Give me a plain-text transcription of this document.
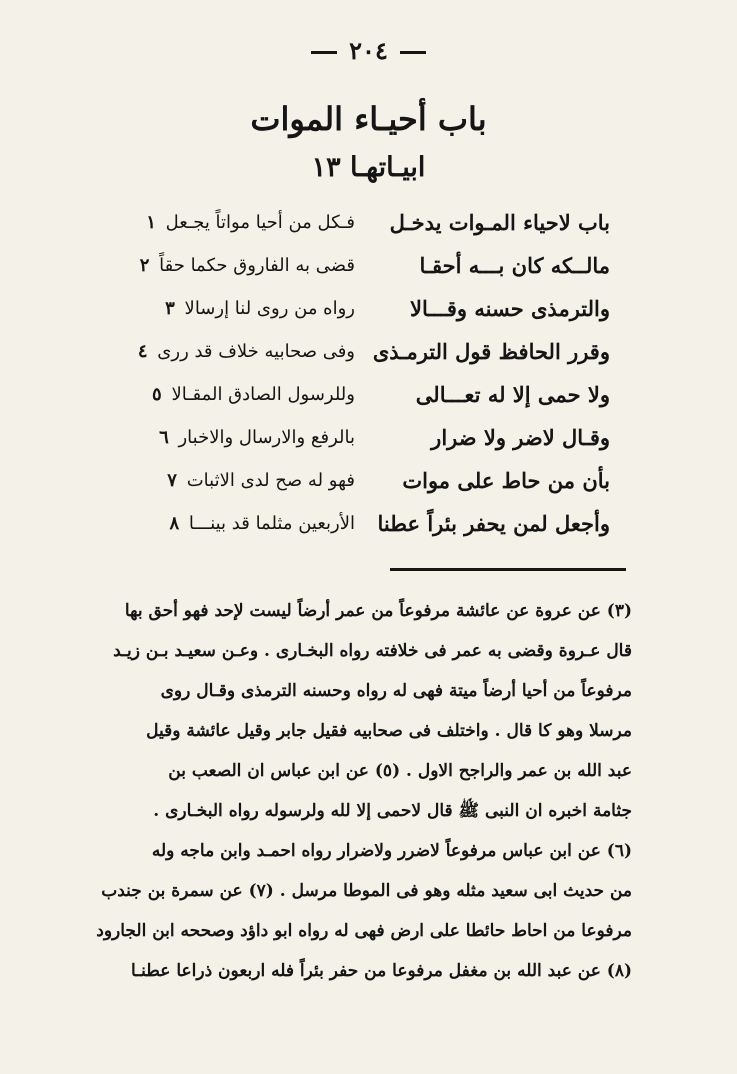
٢٠٤
باب أحيـاء الموات
ابيـاتهـا ١٣
باب لاحياء المـوات يدخـل
فـكل من أحيا مواتاً يجـعل ١
مالــكه كان بـــه أحقـا
قضى به الفاروق حكما حقاً ٢
والترمذى حسنه وقـــالا
رواه من روى لنا إرسالا ٣
وقرر الحافظ قول الترمـذى
وفى صحابيه خلاف قد ررى ٤
ولا حمى إلا له تعـــالى
وللرسول الصادق المقـالا ٥
وقـال لاضر ولا ضرار
بالرفع والارسال والاخبار ٦
بأن من حاط على موات
فهو له صح لدى الاثبات ٧
وأجعل لمن يحفر بئراً عطنا
الأربعين مثلما قد بينـــا ٨
(٣) عن عروة عن عائشة مرفوعاً من عمر أرضاً ليست لإحد فهو أحق بها
قال عـروة وقضى به عمر فى خلافته رواه البخـارى . وعـن سعيـد بـن زيـد
مرفوعاً من أحيا أرضاً ميتة فهى له رواه وحسنه الترمذى وقـال روى
مرسلا وهو كا قال . واختلف فى صحابيه فقيل جابر وقيل عائشة وقيل
عبد الله بن عمر والراجح الاول . (٥) عن ابن عباس ان الصعب بن
جثامة اخبره ان النبى ﷺ قال لاحمى إلا لله ولرسوله رواه البخـارى .
(٦) عن ابن عباس مرفوعاً لاضرر ولاضرار رواه احمـد وابن ماجه وله
من حديث ابى سعيد مثله وهو فى الموطا مرسل . (٧) عن سمرة بن جندب
مرفوعا من احاط حائطا على ارض فهى له رواه ابو داؤد وصححه ابن الجارود
(٨) عن عبد الله بن مغفل مرفوعا من حفر بئراً فله اربعون ذراعا عطنـا
